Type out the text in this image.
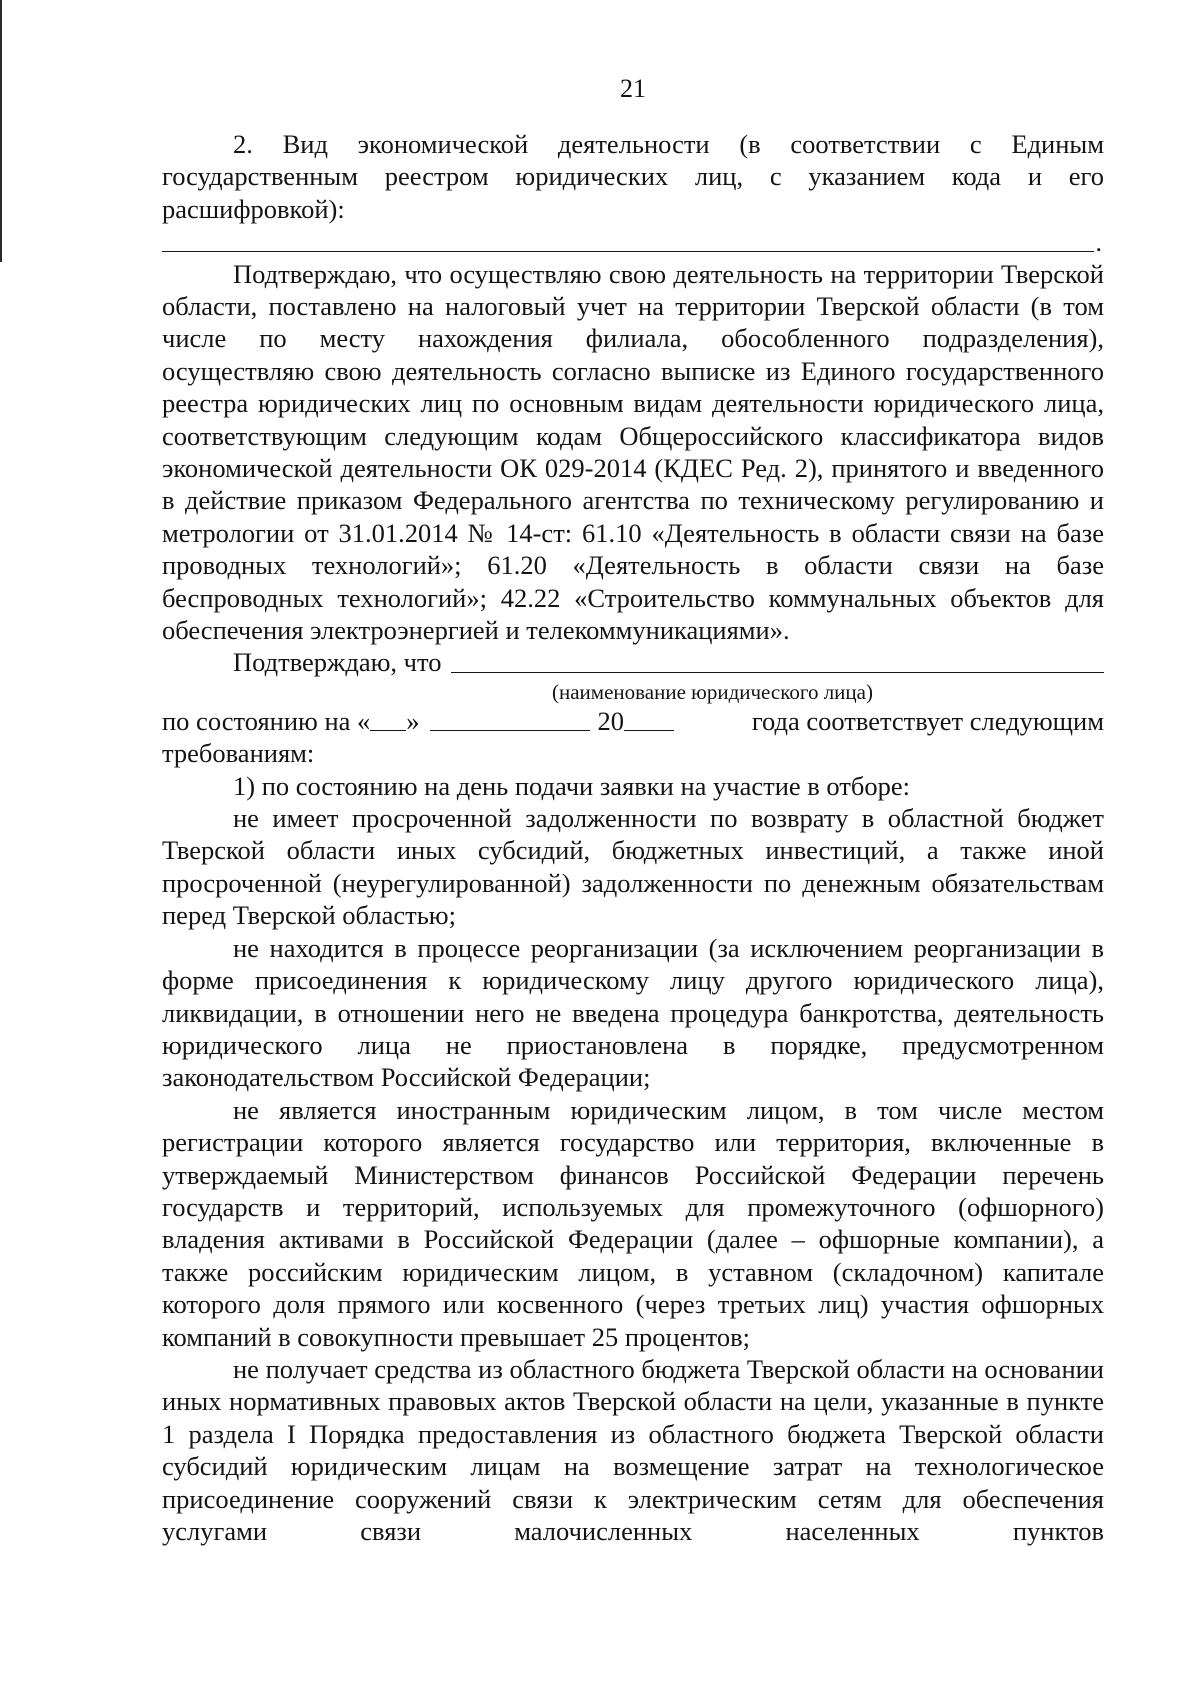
21

2. Вид экономической деятельности (в соответствии с Единым государственным реестром юридических лиц, с указанием кода и его расшифровкой):

.

Подтверждаю, что осуществляю свою деятельность на территории Тверской области, поставлено на налоговый учет на территории Тверской области (в том числе по месту нахождения филиала, обособленного подразделения), осуществляю свою деятельность согласно выписке из Единого государственного реестра юридических лиц по основным видам деятельности юридического лица, соответствующим следующим кодам Общероссийского классификатора видов экономической деятельности ОК 029-2014 (КДЕС Ред. 2), принятого и введенного в действие приказом Федерального агентства по техническому регулированию и метрологии от 31.01.2014 № 14-ст: 61.10 «Деятельность в области связи на базе проводных технологий»; 61.20 «Деятельность в области связи на базе беспроводных технологий»; 42.22 «Строительство коммунальных объектов для обеспечения электроэнергией и телекоммуникациями».

Подтверждаю, что
(наименование юридического лица)
по состоянию на « »	20	года соответствует следующим

требованиям:

1) по состоянию на день подачи заявки на участие в отборе:

не имеет просроченной задолженности по возврату в областной бюджет Тверской области иных субсидий, бюджетных инвестиций, а также иной просроченной (неурегулированной) задолженности по денежным обязательствам перед Тверской областью;

не находится в процессе реорганизации (за исключением реорганизации в форме присоединения к юридическому лицу другого юридического лица), ликвидации, в отношении него не введена процедура банкротства, деятельность юридического лица не приостановлена в порядке, предусмотренном законодательством Российской Федерации;

не является иностранным юридическим лицом, в том числе местом регистрации которого является государство или территория, включенные в утверждаемый Министерством финансов Российской Федерации перечень государств и территорий, используемых для промежуточного (офшорного) владения активами в Российской Федерации (далее – офшорные компании), а также российским юридическим лицом, в уставном (складочном) капитале которого доля прямого или косвенного (через третьих лиц) участия офшорных компаний в совокупности превышает 25 процентов;

не получает средства из областного бюджета Тверской области на основании иных нормативных правовых актов Тверской области на цели, указанные в пункте 1 раздела I Порядка предоставления из областного бюджета Тверской области субсидий юридическим лицам на возмещение затрат на технологическое присоединение сооружений связи к электрическим сетям для обеспечения услугами связи малочисленных населенных пунктов
